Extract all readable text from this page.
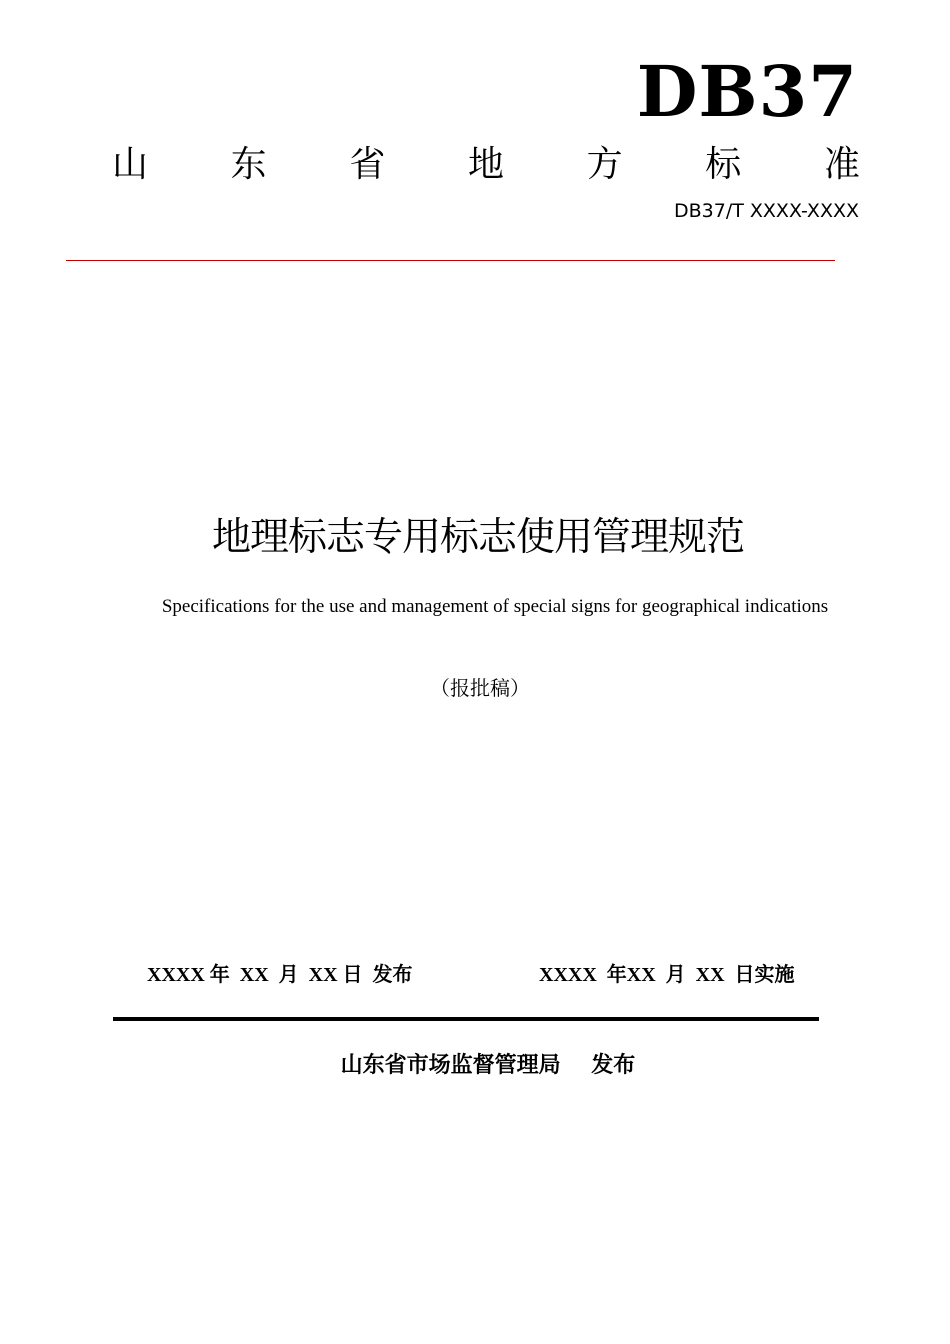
DB37
山 东 省 地 方 标 准
DB37/T XXXX-XXXX
地理标志专用标志使用管理规范
Specifications for the use and management of special signs for geographical indications
（报批稿）
XXXX 年  XX  月  XX 日  发布	XXXX  年XX  月  XX  日实施
山东省市场监督管理局    发布
